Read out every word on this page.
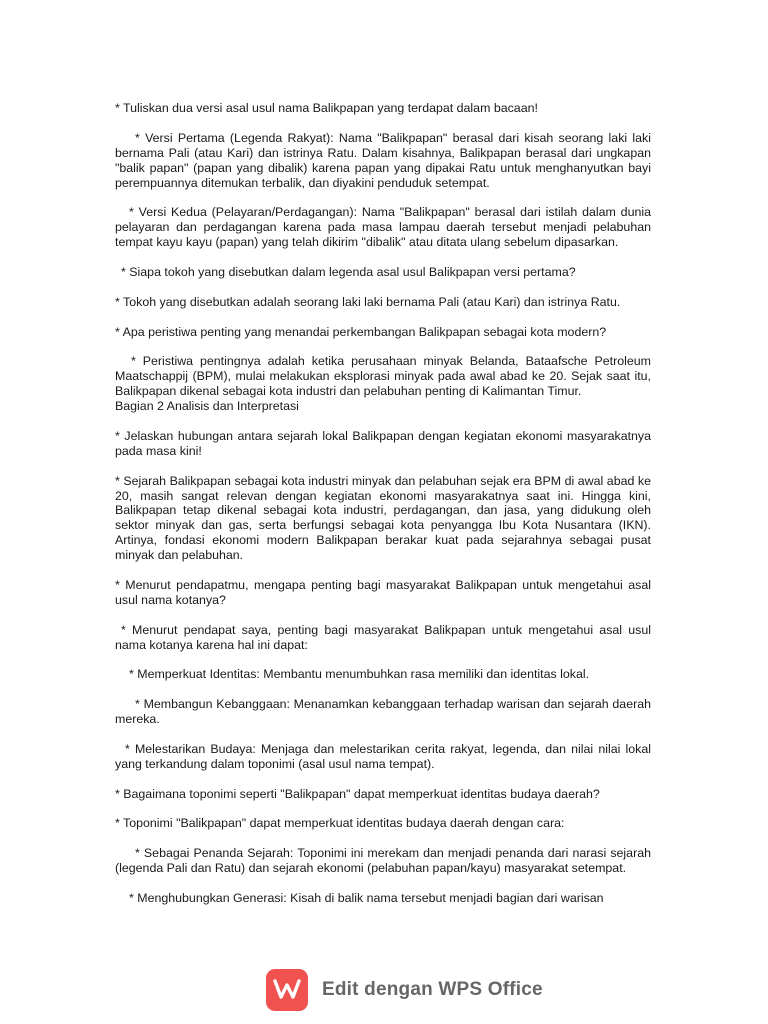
* Tuliskan dua versi asal usul nama Balikpapan yang terdapat dalam bacaan!

* Versi Pertama (Legenda Rakyat): Nama "Balikpapan" berasal dari kisah seorang laki laki bernama Pali (atau Kari) dan istrinya Ratu. Dalam kisahnya, Balikpapan berasal dari ungkapan "balik papan" (papan yang dibalik) karena papan yang dipakai Ratu untuk menghanyutkan bayi perempuannya ditemukan terbalik, dan diyakini penduduk setempat.

* Versi Kedua (Pelayaran/Perdagangan): Nama "Balikpapan" berasal dari istilah dalam dunia pelayaran dan perdagangan karena pada masa lampau daerah tersebut menjadi pelabuhan tempat kayu kayu (papan) yang telah dikirim "dibalik" atau ditata ulang sebelum dipasarkan.

* Siapa tokoh yang disebutkan dalam legenda asal usul Balikpapan versi pertama?

* Tokoh yang disebutkan adalah seorang laki laki bernama Pali (atau Kari) dan istrinya Ratu.

* Apa peristiwa penting yang menandai perkembangan Balikpapan sebagai kota modern?

* Peristiwa pentingnya adalah ketika perusahaan minyak Belanda, Bataafsche Petroleum Maatschappij (BPM), mulai melakukan eksplorasi minyak pada awal abad ke 20. Sejak saat itu, Balikpapan dikenal sebagai kota industri dan pelabuhan penting di Kalimantan Timur.

Bagian 2 Analisis dan Interpretasi

* Jelaskan hubungan antara sejarah lokal Balikpapan dengan kegiatan ekonomi masyarakatnya pada masa kini!

* Sejarah Balikpapan sebagai kota industri minyak dan pelabuhan sejak era BPM di awal abad ke 20, masih sangat relevan dengan kegiatan ekonomi masyarakatnya saat ini. Hingga kini, Balikpapan tetap dikenal sebagai kota industri, perdagangan, dan jasa, yang didukung oleh sektor minyak dan gas, serta berfungsi sebagai kota penyangga Ibu Kota Nusantara (IKN). Artinya, fondasi ekonomi modern Balikpapan berakar kuat pada sejarahnya sebagai pusat minyak dan pelabuhan.

* Menurut pendapatmu, mengapa penting bagi masyarakat Balikpapan untuk mengetahui asal usul nama kotanya?

* Menurut pendapat saya, penting bagi masyarakat Balikpapan untuk mengetahui asal usul nama kotanya karena hal ini dapat:

* Memperkuat Identitas: Membantu menumbuhkan rasa memiliki dan identitas lokal.

* Membangun Kebanggaan: Menanamkan kebanggaan terhadap warisan dan sejarah daerah mereka.

* Melestarikan Budaya: Menjaga dan melestarikan cerita rakyat, legenda, dan nilai nilai lokal yang terkandung dalam toponimi (asal usul nama tempat).

* Bagaimana toponimi seperti "Balikpapan" dapat memperkuat identitas budaya daerah?

* Toponimi "Balikpapan" dapat memperkuat identitas budaya daerah dengan cara:

* Sebagai Penanda Sejarah: Toponimi ini merekam dan menjadi penanda dari narasi sejarah (legenda Pali dan Ratu) dan sejarah ekonomi (pelabuhan papan/kayu) masyarakat setempat.

* Menghubungkan Generasi: Kisah di balik nama tersebut menjadi bagian dari warisan

Edit dengan WPS Office
